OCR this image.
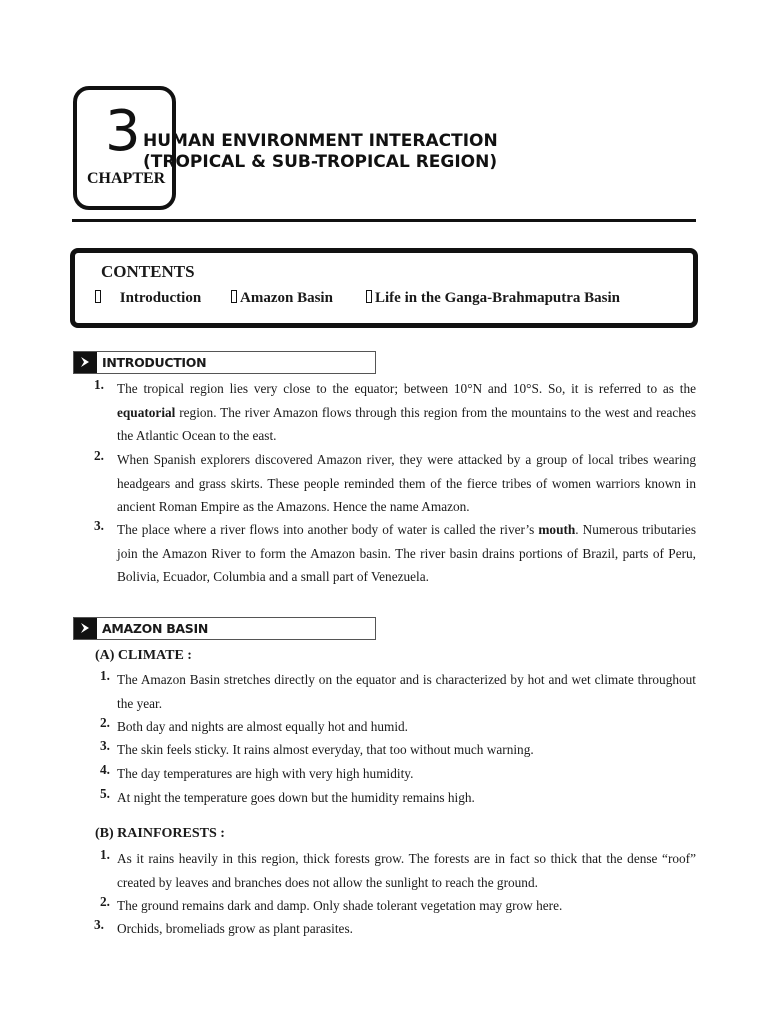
3
CHAPTER
HUMAN ENVIRONMENT INTERACTION
(TROPICAL & SUB-TROPICAL REGION)
CONTENTS
Introduction	Amazon Basin	Life in the Ganga-Brahmaputra Basin
INTRODUCTION
1. The tropical region lies very close to the equator; between 10°N and 10°S. So, it is referred to as the equatorial region. The river Amazon flows through this region from the mountains to the west and reaches the Atlantic Ocean to the east.
2. When Spanish explorers discovered Amazon river, they were attacked by a group of local tribes wearing headgears and grass skirts. These people reminded them of the fierce tribes of women warriors known in ancient Roman Empire as the Amazons. Hence the name Amazon.
3. The place where a river flows into another body of water is called the river’s mouth. Numerous tributaries join the Amazon River to form the Amazon basin. The river basin drains portions of Brazil, parts of Peru, Bolivia, Ecuador, Columbia and a small part of Venezuela.
AMAZON BASIN
(A) CLIMATE :
1. The Amazon Basin stretches directly on the equator and is characterized by hot and wet climate throughout the year.
2. Both day and nights are almost equally hot and humid.
3. The skin feels sticky. It rains almost everyday, that too without much warning.
4. The day temperatures are high with very high humidity.
5. At night the temperature goes down but the humidity remains high.
(B) RAINFORESTS :
1. As it rains heavily in this region, thick forests grow. The forests are in fact so thick that the dense “roof” created by leaves and branches does not allow the sunlight to reach the ground.
2. The ground remains dark and damp. Only shade tolerant vegetation may grow here.
3. Orchids, bromeliads grow as plant parasites.
